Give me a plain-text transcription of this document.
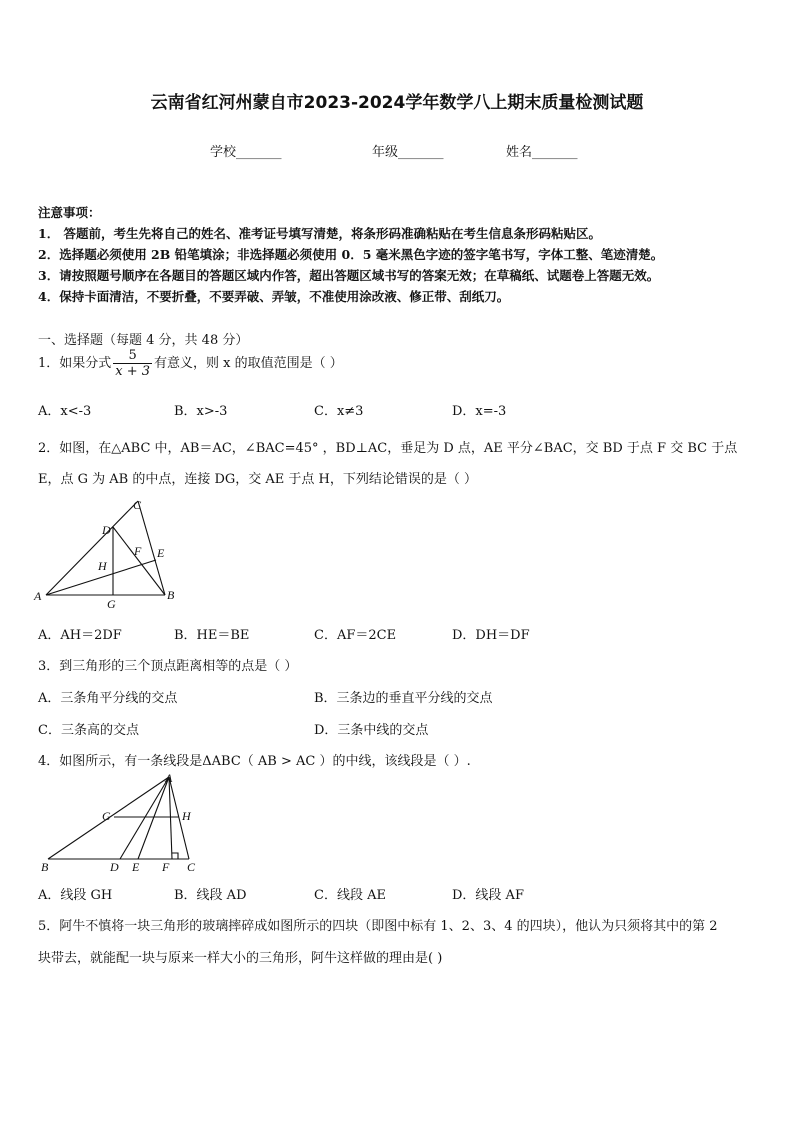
云南省红河州蒙自市2023-2024学年数学八上期末质量检测试题
学校_______	年级_______	姓名_______
注意事项：
1． 答题前，考生先将自己的姓名、准考证号填写清楚，将条形码准确粘贴在考生信息条形码粘贴区。
2．选择题必须使用 2B 铅笔填涂；非选择题必须使用 0．5 毫米黑色字迹的签字笔书写，字体工整、笔迹清楚。
3．请按照题号顺序在各题目的答题区域内作答，超出答题区域书写的答案无效；在草稿纸、试题卷上答题无效。
4．保持卡面清洁，不要折叠，不要弄破、弄皱，不准使用涂改液、修正带、刮纸刀。
一、选择题（每题 4 分，共 48 分）
1．如果分式 $\frac{5}{x + 3}$ 有意义，则 x 的取值范围是（ ）
A．x<-3	B．x>-3	C．x≠3	D．x=-3
2．如图，在△ABC 中，AB＝AC，∠BAC=45° ，BD⊥AC，垂足为 D 点，AE 平分∠BAC，交 BD 于点 F 交 BC 于点
E，点 G 为 AB 的中点，连接 DG，交 AE 于点 H，下列结论错误的是（ ）
A	B
C
D
E
F
G
H
A．AH＝2DF	B．HE＝BE	C．AF＝2CE	D．DH＝DF
3．到三角形的三个顶点距离相等的点是（ ）
A．三条角平分线的交点	B．三条边的垂直平分线的交点
C．三条高的交点	D．三条中线的交点
4．如图所示，有一条线段是ΔABC（ AB > AC ）的中线，该线段是（ ）.
A
B	C
D E F
G	H
A．线段 GH	B．线段 AD	C．线段 AE	D．线段 AF
5．阿牛不慎将一块三角形的玻璃摔碎成如图所示的四块（即图中标有 1、2、3、4 的四块），他认为只须将其中的第 2
块带去，就能配一块与原来一样大小的三角形，阿牛这样做的理由是( )
